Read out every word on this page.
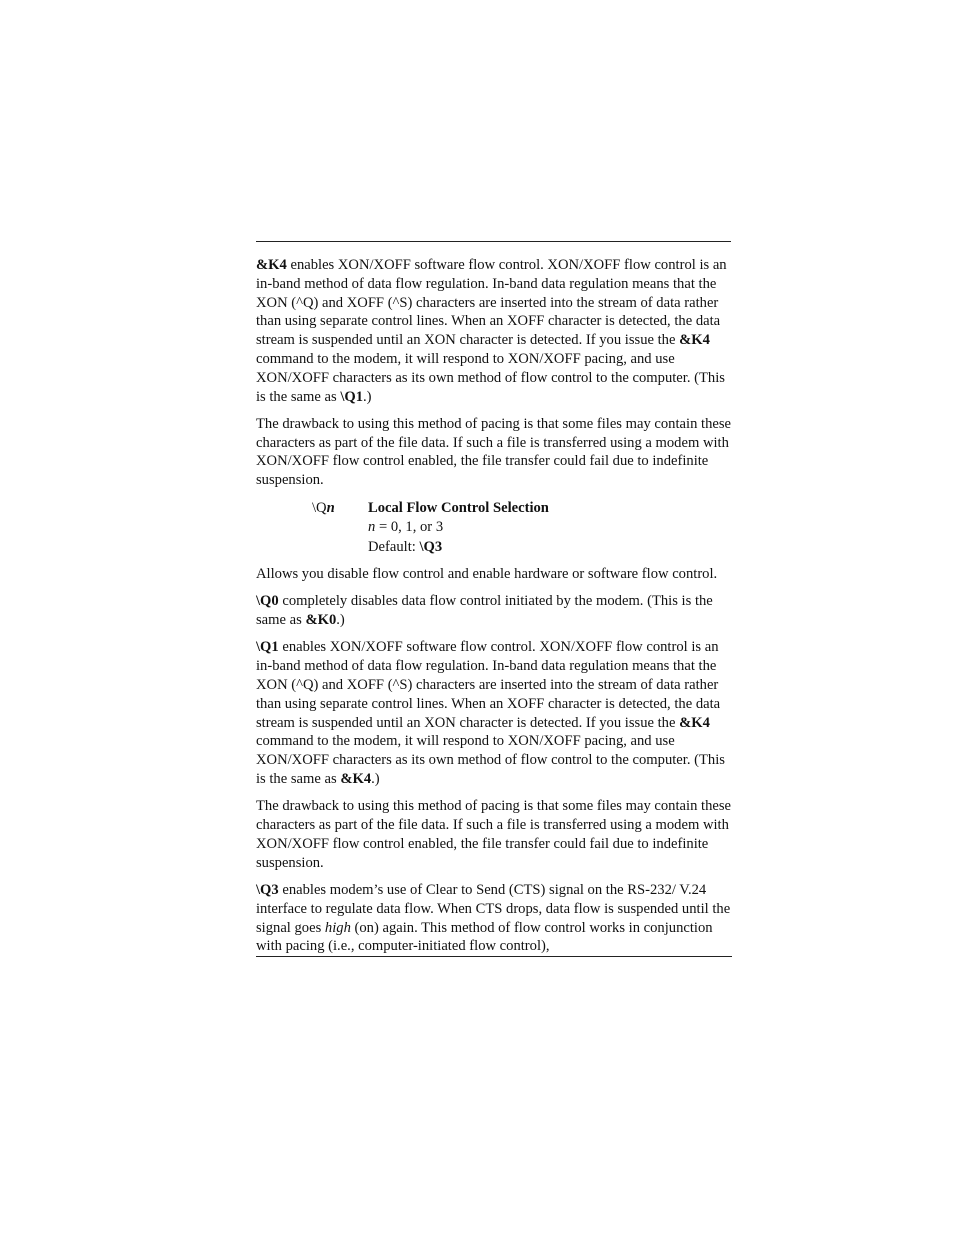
&K4 enables XON/XOFF software flow control. XON/XOFF flow control is an in-band method of data flow regulation. In-band data regulation means that the XON (^Q) and XOFF (^S) characters are inserted into the stream of data rather than using separate control lines. When an XOFF character is detected, the data stream is suspended until an XON character is detected. If you issue the &K4 command to the modem, it will respond to XON/XOFF pacing, and use XON/XOFF characters as its own method of flow control to the computer. (This is the same as \Q1.)

The drawback to using this method of pacing is that some files may contain these characters as part of the file data. If such a file is transferred using a modem with XON/XOFF flow control enabled, the file transfer could fail due to indefinite suspension.

\Qn Local Flow Control Selection
n = 0, 1, or 3
Default: \Q3

Allows you disable flow control and enable hardware or software flow control.

\Q0 completely disables data flow control initiated by the modem. (This is the same as &K0.)

\Q1 enables XON/XOFF software flow control. XON/XOFF flow control is an in-band method of data flow regulation. In-band data regulation means that the XON (^Q) and XOFF (^S) characters are inserted into the stream of data rather than using separate control lines. When an XOFF character is detected, the data stream is suspended until an XON character is detected. If you issue the &K4 command to the modem, it will respond to XON/XOFF pacing, and use XON/XOFF characters as its own method of flow control to the computer. (This is the same as &K4.)

The drawback to using this method of pacing is that some files may contain these characters as part of the file data. If such a file is transferred using a modem with XON/XOFF flow control enabled, the file transfer could fail due to indefinite suspension.

\Q3 enables modem’s use of Clear to Send (CTS) signal on the RS-232/ V.24 interface to regulate data flow. When CTS drops, data flow is suspended until the signal goes high (on) again. This method of flow control works in conjunction with pacing (i.e., computer-initiated flow control),
